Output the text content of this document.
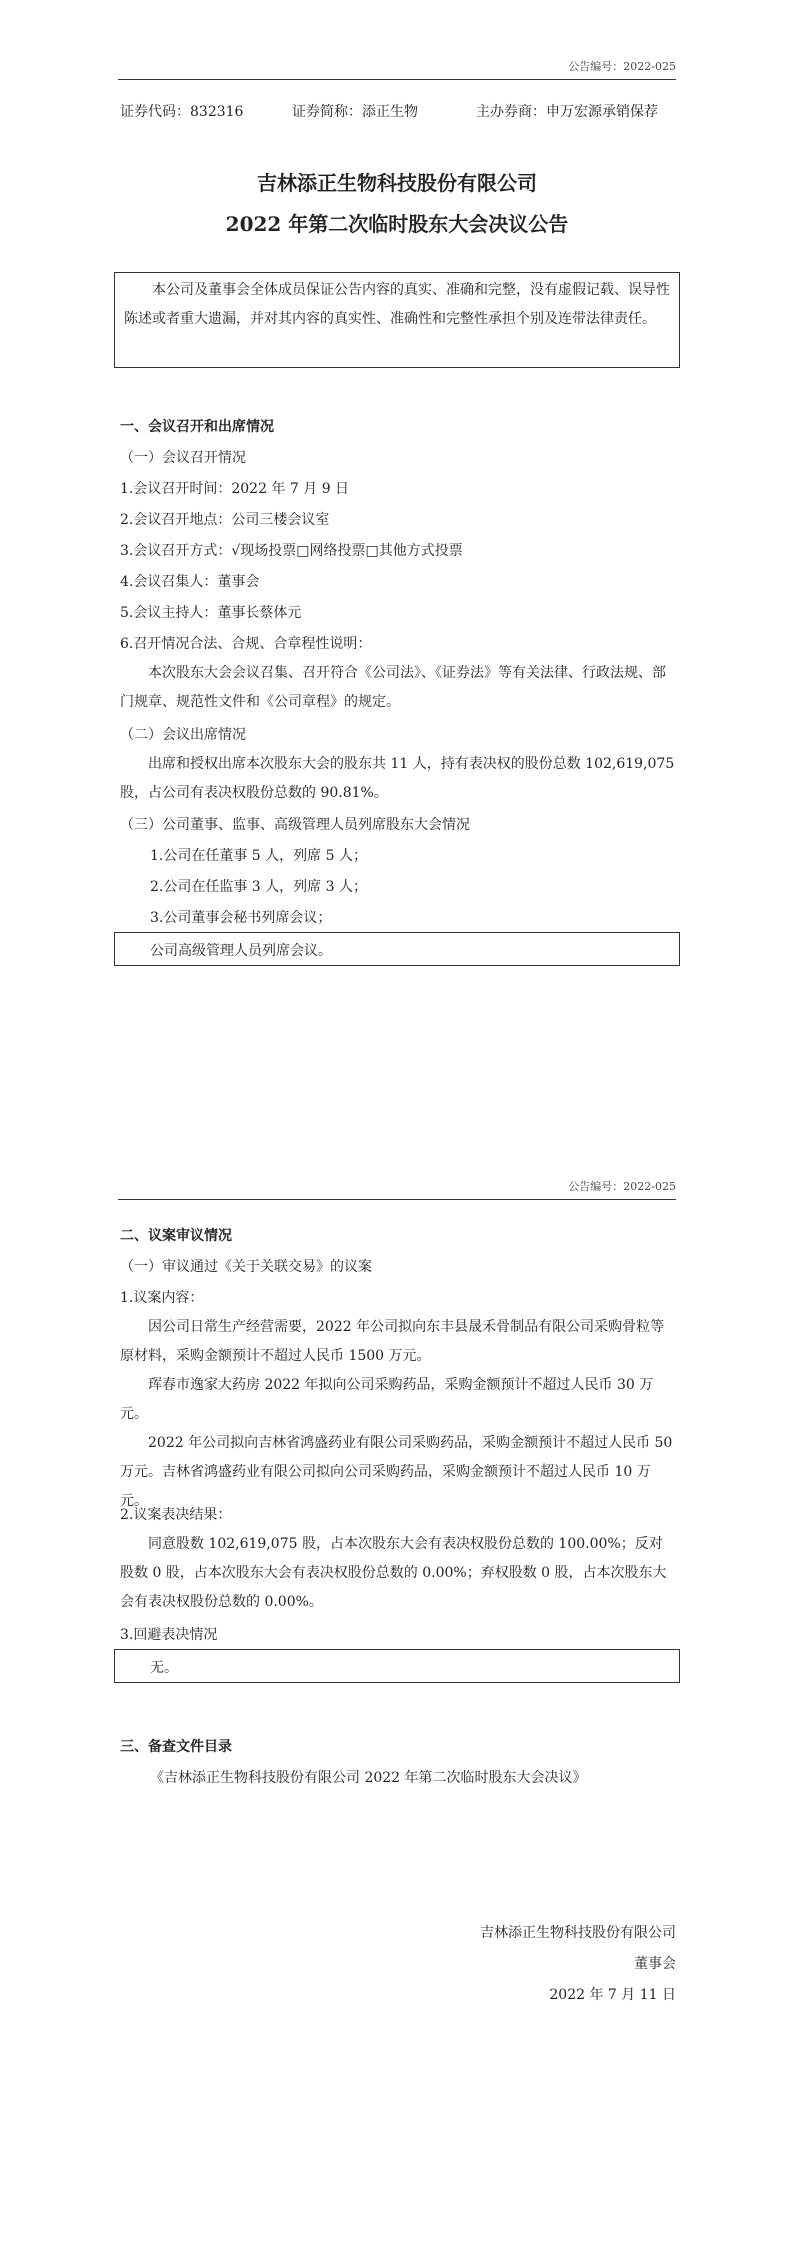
公告编号：2022-025
证券代码：832316	证券简称：添正生物	主办券商：申万宏源承销保荐
吉林添正生物科技股份有限公司
2022 年第二次临时股东大会决议公告
本公司及董事会全体成员保证公告内容的真实、准确和完整，没有虚假记载、误导性陈述或者重大遗漏，并对其内容的真实性、准确性和完整性承担个别及连带法律责任。
一、会议召开和出席情况
（一）会议召开情况
1.会议召开时间：2022 年 7 月 9 日
2.会议召开地点：公司三楼会议室
3.会议召开方式：√现场投票□网络投票□其他方式投票
4.会议召集人：董事会
5.会议主持人：董事长蔡体元
6.召开情况合法、合规、合章程性说明：
本次股东大会会议召集、召开符合《公司法》、《证券法》等有关法律、行政法规、部门规章、规范性文件和《公司章程》的规定。
（二）会议出席情况
出席和授权出席本次股东大会的股东共 11 人，持有表决权的股份总数 102,619,075 股，占公司有表决权股份总数的 90.81%。
（三）公司董事、监事、高级管理人员列席股东大会情况
1.公司在任董事 5 人，列席 5 人；
2.公司在任监事 3 人，列席 3 人；
3.公司董事会秘书列席会议；
公司高级管理人员列席会议。
公告编号：2022-025
二、议案审议情况
（一）审议通过《关于关联交易》的议案
1.议案内容：
因公司日常生产经营需要，2022 年公司拟向东丰县晟禾骨制品有限公司采购骨粒等原材料，采购金额预计不超过人民币 1500 万元。
珲春市逸家大药房 2022 年拟向公司采购药品，采购金额预计不超过人民币 30 万元。
2022 年公司拟向吉林省鸿盛药业有限公司采购药品，采购金额预计不超过人民币 50 万元。吉林省鸿盛药业有限公司拟向公司采购药品，采购金额预计不超过人民币 10 万元。
2.议案表决结果：
同意股数 102,619,075 股，占本次股东大会有表决权股份总数的 100.00%；反对股数 0 股，占本次股东大会有表决权股份总数的 0.00%；弃权股数 0 股，占本次股东大会有表决权股份总数的 0.00%。
3.回避表决情况
无。
三、备查文件目录
《吉林添正生物科技股份有限公司 2022 年第二次临时股东大会决议》
吉林添正生物科技股份有限公司
董事会
2022 年 7 月 11 日
